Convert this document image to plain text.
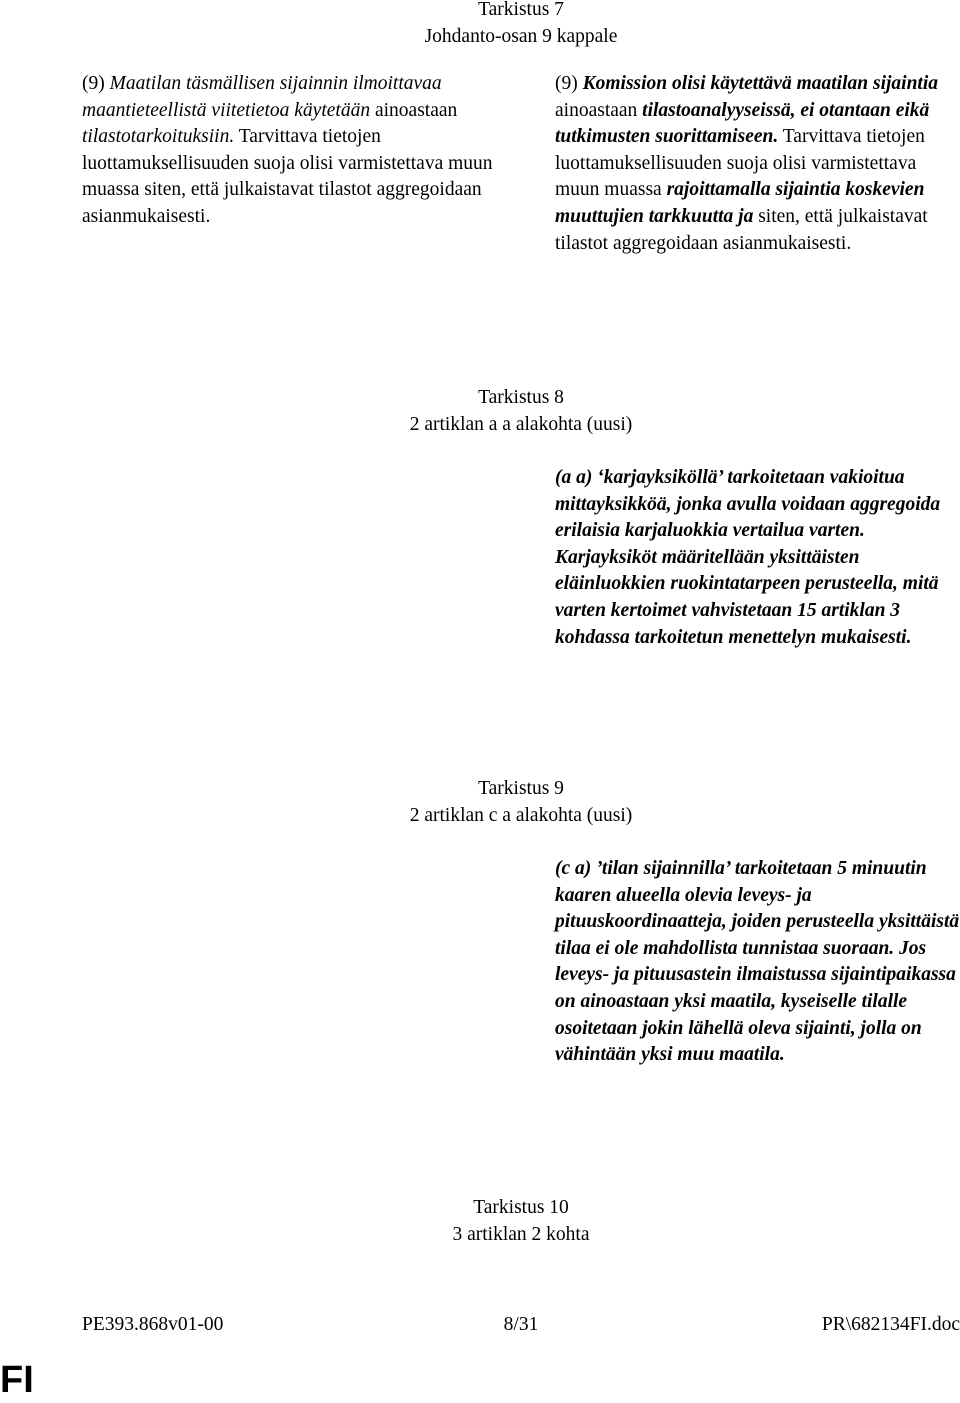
Tarkistus 7
Johdanto-osan 9 kappale

(9) Maatilan täsmällisen sijainnin ilmoittavaa maantieteellistä viitetietoa käytetään ainoastaan tilastotarkoituksiin. Tarvittava tietojen luottamuksellisuuden suoja olisi varmistettava muun muassa siten, että julkaistavat tilastot aggregoidaan asianmukaisesti.

(9) Komission olisi käytettävä maatilan sijaintia ainoastaan tilastoanalyyseissä, ei otantaan eikä tutkimusten suorittamiseen. Tarvittava tietojen luottamuksellisuuden suoja olisi varmistettava muun muassa rajoittamalla sijaintia koskevien muuttujien tarkkuutta ja siten, että julkaistavat tilastot aggregoidaan asianmukaisesti.

Tarkistus 8
2 artiklan a a alakohta (uusi)

(a a) ‘karjayksiköllä’ tarkoitetaan vakioitua mittayksikköä, jonka avulla voidaan aggregoida erilaisia karjaluokkia vertailua varten. Karjayksiköt määritellään yksittäisten eläinluokkien ruokintatarpeen perusteella, mitä varten kertoimet vahvistetaan 15 artiklan 3 kohdassa tarkoitetun menettelyn mukaisesti.

Tarkistus 9
2 artiklan c a alakohta (uusi)

(c a) ’tilan sijainnilla’ tarkoitetaan 5 minuutin kaaren alueella olevia leveys- ja pituuskoordinaatteja, joiden perusteella yksittäistä tilaa ei ole mahdollista tunnistaa suoraan. Jos leveys- ja pituusastein ilmaistussa sijaintipaikassa on ainoastaan yksi maatila, kyseiselle tilalle osoitetaan jokin lähellä oleva sijainti, jolla on vähintään yksi muu maatila.

Tarkistus 10
3 artiklan 2 kohta
PE393.868v01-00	8/31	PR\682134FI.doc
FI
